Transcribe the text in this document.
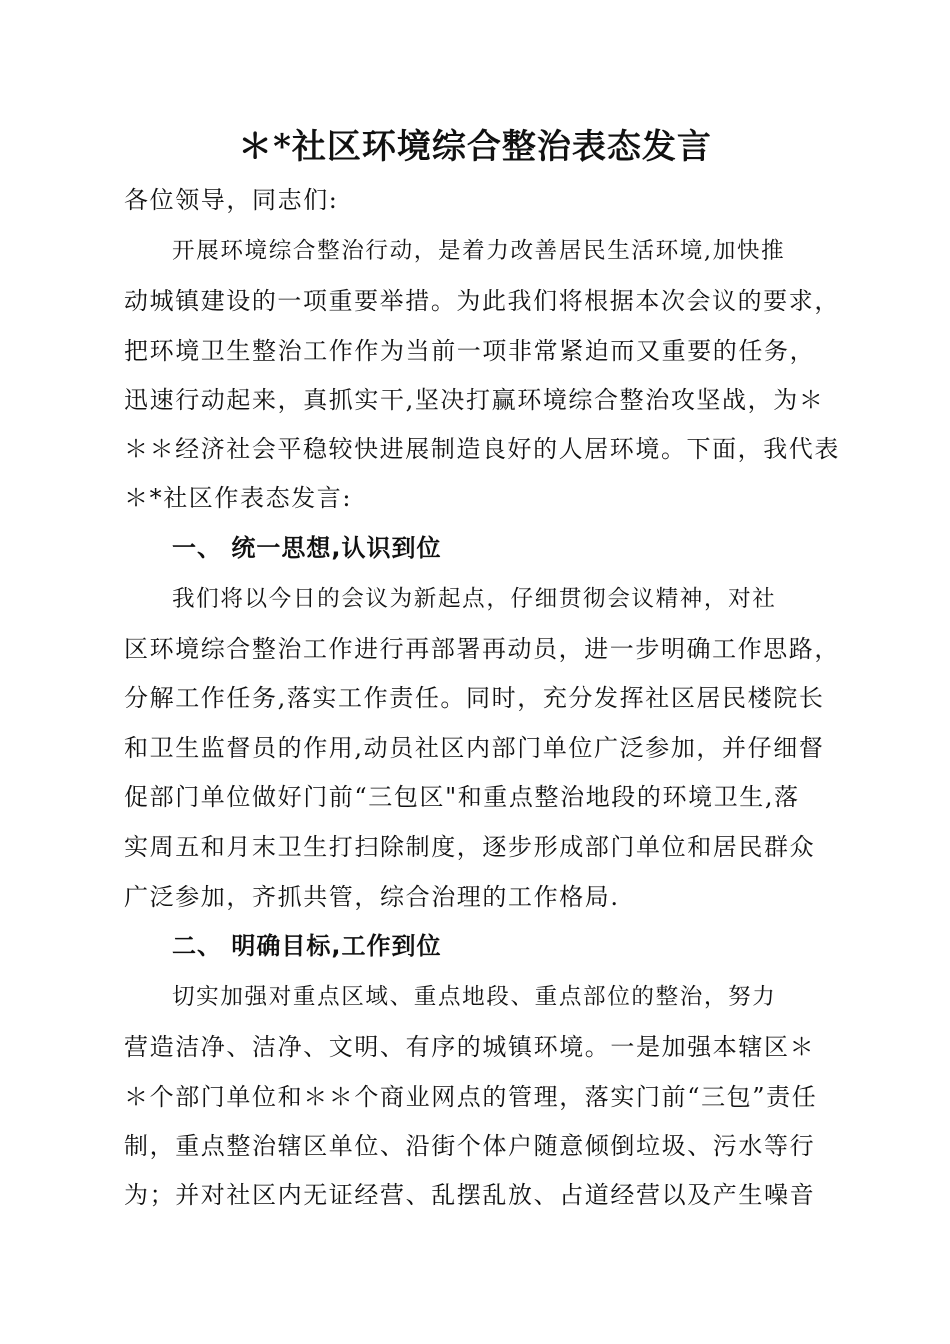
＊*社区环境综合整治表态发言

各位领导，同志们:

开展环境综合整治行动，是着力改善居民生活环境,加快推

动城镇建设的一项重要举措。为此我们将根据本次会议的要求，

把环境卫生整治工作作为当前一项非常紧迫而又重要的任务，

迅速行动起来，真抓实干,坚决打赢环境综合整治攻坚战，为＊

＊＊经济社会平稳较快进展制造良好的人居环境。下面，我代表

＊*社区作表态发言:

一、 统一思想,认识到位

我们将以今日的会议为新起点，仔细贯彻会议精神，对社

区环境综合整治工作进行再部署再动员，进一步明确工作思路，

分解工作任务,落实工作责任。同时，充分发挥社区居民楼院长

和卫生监督员的作用,动员社区内部门单位广泛参加，并仔细督

促部门单位做好门前“三包区"和重点整治地段的环境卫生,落

实周五和月末卫生打扫除制度，逐步形成部门单位和居民群众

广泛参加，齐抓共管，综合治理的工作格局.

二、 明确目标,工作到位

切实加强对重点区域、重点地段、重点部位的整治，努力

营造洁净、洁净、文明、有序的城镇环境。一是加强本辖区＊

＊个部门单位和＊＊个商业网点的管理，落实门前“三包”责任

制，重点整治辖区单位、沿街个体户随意倾倒垃圾、污水等行

为；并对社区内无证经营、乱摆乱放、占道经营以及产生噪音
